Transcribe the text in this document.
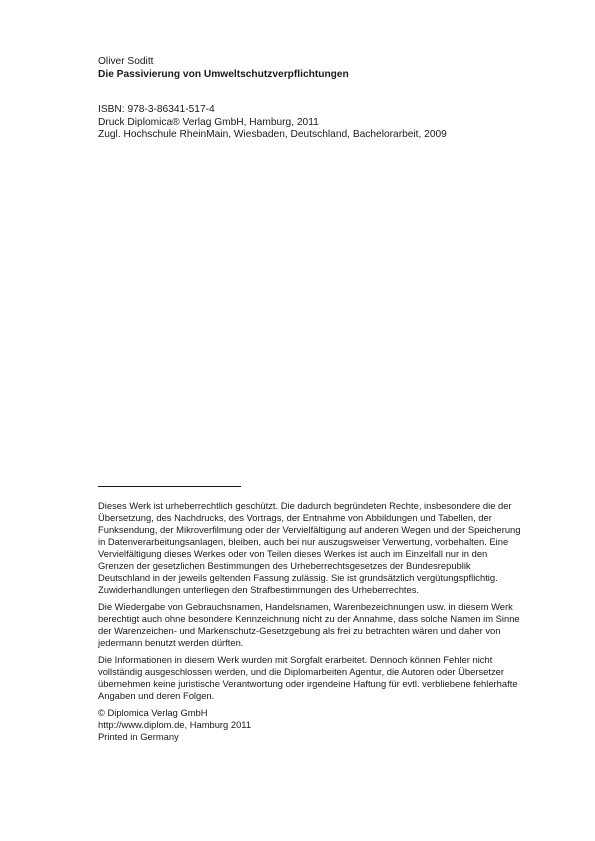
Oliver Soditt
Die Passivierung von Umweltschutzverpflichtungen
ISBN: 978-3-86341-517-4
Druck Diplomica® Verlag GmbH, Hamburg, 2011
Zugl. Hochschule RheinMain, Wiesbaden, Deutschland, Bachelorarbeit, 2009

Dieses Werk ist urheberrechtlich geschützt. Die dadurch begründeten Rechte, insbesondere die der Übersetzung, des Nachdrucks, des Vortrags, der Entnahme von Abbildungen und Tabellen, der Funksendung, der Mikroverfilmung oder der Vervielfältigung auf anderen Wegen und der Speicherung in Datenverarbeitungsanlagen, bleiben, auch bei nur auszugsweiser Verwertung, vorbehalten. Eine Vervielfältigung dieses Werkes oder von Teilen dieses Werkes ist auch im Einzelfall nur in den Grenzen der gesetzlichen Bestimmungen des Urheberrechtsgesetzes der Bundesrepublik Deutschland in der jeweils geltenden Fassung zulässig. Sie ist grundsätzlich vergütungspflichtig. Zuwiderhandlungen unterliegen den Strafbestimmungen des Urheberrechtes.

Die Wiedergabe von Gebrauchsnamen, Handelsnamen, Warenbezeichnungen usw. in diesem Werk berechtigt auch ohne besondere Kennzeichnung nicht zu der Annahme, dass solche Namen im Sinne der Warenzeichen- und Markenschutz-Gesetzgebung als frei zu betrachten wären und daher von jedermann benutzt werden dürften.

Die Informationen in diesem Werk wurden mit Sorgfalt erarbeitet. Dennoch können Fehler nicht vollständig ausgeschlossen werden, und die Diplomarbeiten Agentur, die Autoren oder Übersetzer übernehmen keine juristische Verantwortung oder irgendeine Haftung für evtl. verbliebene fehlerhafte Angaben und deren Folgen.

© Diplomica Verlag GmbH
http://www.diplom.de, Hamburg 2011
Printed in Germany
